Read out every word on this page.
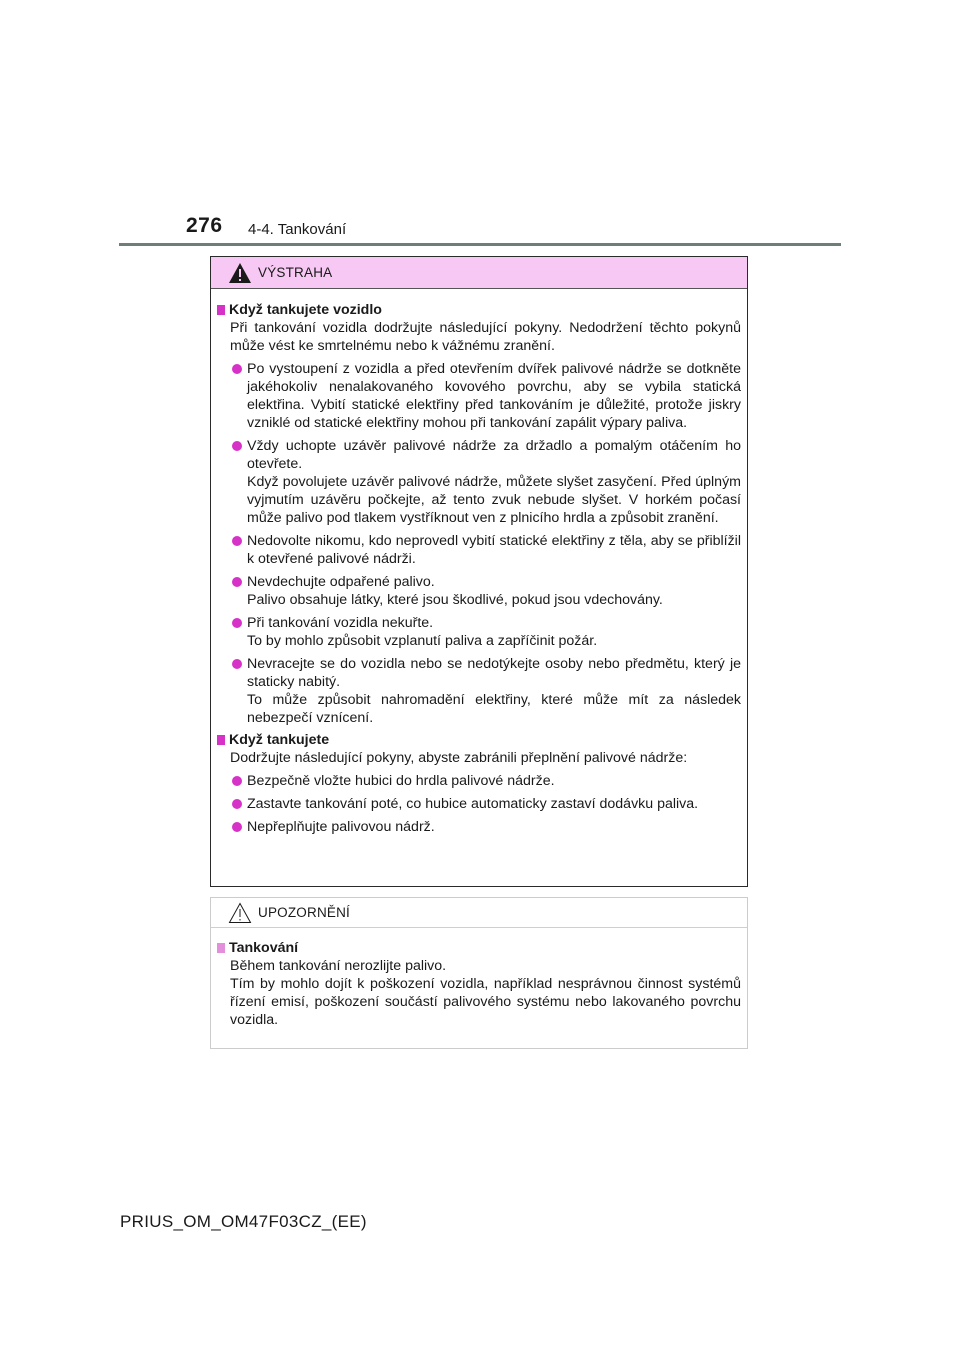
276 4-4. Tankování
VÝSTRAHA
Když tankujete vozidlo
Při tankování vozidla dodržujte následující pokyny. Nedodržení těchto pokynů může vést ke smrtelnému nebo k vážnému zranění.
Po vystoupení z vozidla a před otevřením dvířek palivové nádrže se dotkněte jakéhokoliv nenalakovaného kovového povrchu, aby se vybila statická elektřina. Vybití statické elektřiny před tankováním je důležité, protože jiskry vzniklé od statické elektřiny mohou při tankování zapálit výpary paliva.
Vždy uchopte uzávěr palivové nádrže za držadlo a pomalým otáčením ho otevřete.
Když povolujete uzávěr palivové nádrže, můžete slyšet zasyčení. Před úplným vyjmutím uzávěru počkejte, až tento zvuk nebude slyšet. V horkém počasí může palivo pod tlakem vystříknout ven z plnicího hrdla a způsobit zranění.
Nedovolte nikomu, kdo neprovedl vybití statické elektřiny z těla, aby se přiblížil k otevřené palivové nádrži.
Nevdechujte odpařené palivo.
Palivo obsahuje látky, které jsou škodlivé, pokud jsou vdechovány.
Při tankování vozidla nekuřte.
To by mohlo způsobit vzplanutí paliva a zapříčinit požár.
Nevracejte se do vozidla nebo se nedotýkejte osoby nebo předmětu, který je staticky nabitý.
To může způsobit nahromadění elektřiny, které může mít za následek nebezpečí vznícení.
Když tankujete
Dodržujte následující pokyny, abyste zabránili přeplnění palivové nádrže:
Bezpečně vložte hubici do hrdla palivové nádrže.
Zastavte tankování poté, co hubice automaticky zastaví dodávku paliva.
Nepřeplňujte palivovou nádrž.
UPOZORNĚNÍ
Tankování
Během tankování nerozlijte palivo.
Tím by mohlo dojít k poškození vozidla, například nesprávnou činnost systémů řízení emisí, poškození součástí palivového systému nebo lakovaného povrchu vozidla.
PRIUS_OM_OM47F03CZ_(EE)
